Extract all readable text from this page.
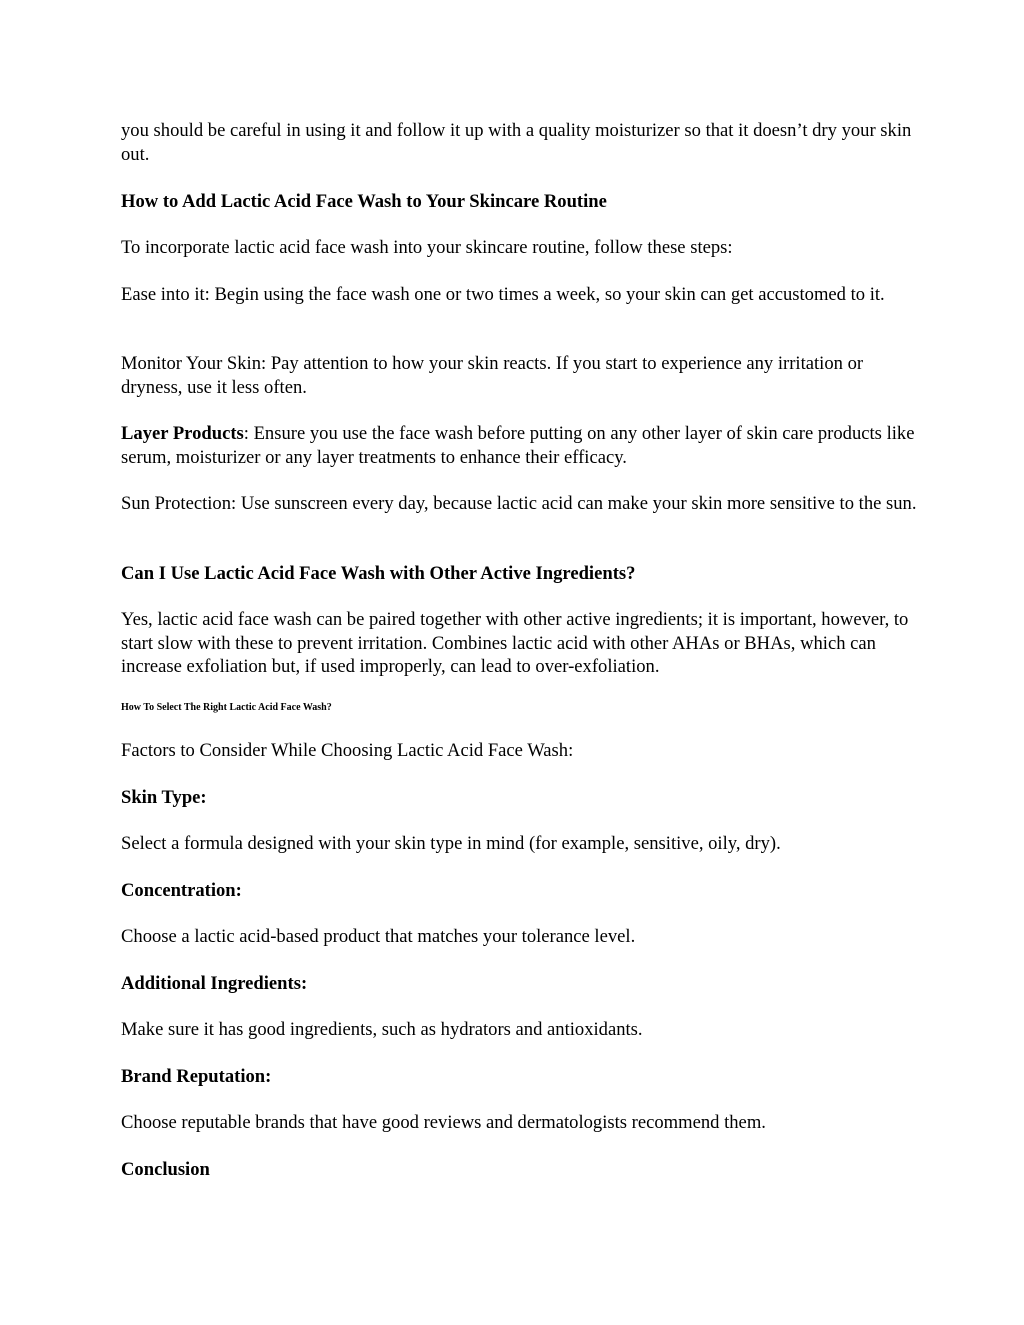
you should be careful in using it and follow it up with a quality moisturizer so that it doesn’t dry your skin out.

How to Add Lactic Acid Face Wash to Your Skincare Routine

To incorporate lactic acid face wash into your skincare routine, follow these steps:

Ease into it: Begin using the face wash one or two times a week, so your skin can get accustomed to it.

Monitor Your Skin: Pay attention to how your skin reacts. If you start to experience any irritation or dryness, use it less often.

Layer Products: Ensure you use the face wash before putting on any other layer of skin care products like serum, moisturizer or any layer treatments to enhance their efficacy.

Sun Protection: Use sunscreen every day, because lactic acid can make your skin more sensitive to the sun.

Can I Use Lactic Acid Face Wash with Other Active Ingredients?

Yes, lactic acid face wash can be paired together with other active ingredients; it is important, however, to start slow with these to prevent irritation. Combines lactic acid with other AHAs or BHAs, which can increase exfoliation but, if used improperly, can lead to over-exfoliation.

How To Select The Right Lactic Acid Face Wash?

Factors to Consider While Choosing Lactic Acid Face Wash:

Skin Type:

Select a formula designed with your skin type in mind (for example, sensitive, oily, dry).

Concentration:

Choose a lactic acid-based product that matches your tolerance level.

Additional Ingredients:

Make sure it has good ingredients, such as hydrators and antioxidants.

Brand Reputation:

Choose reputable brands that have good reviews and dermatologists recommend them.

Conclusion
